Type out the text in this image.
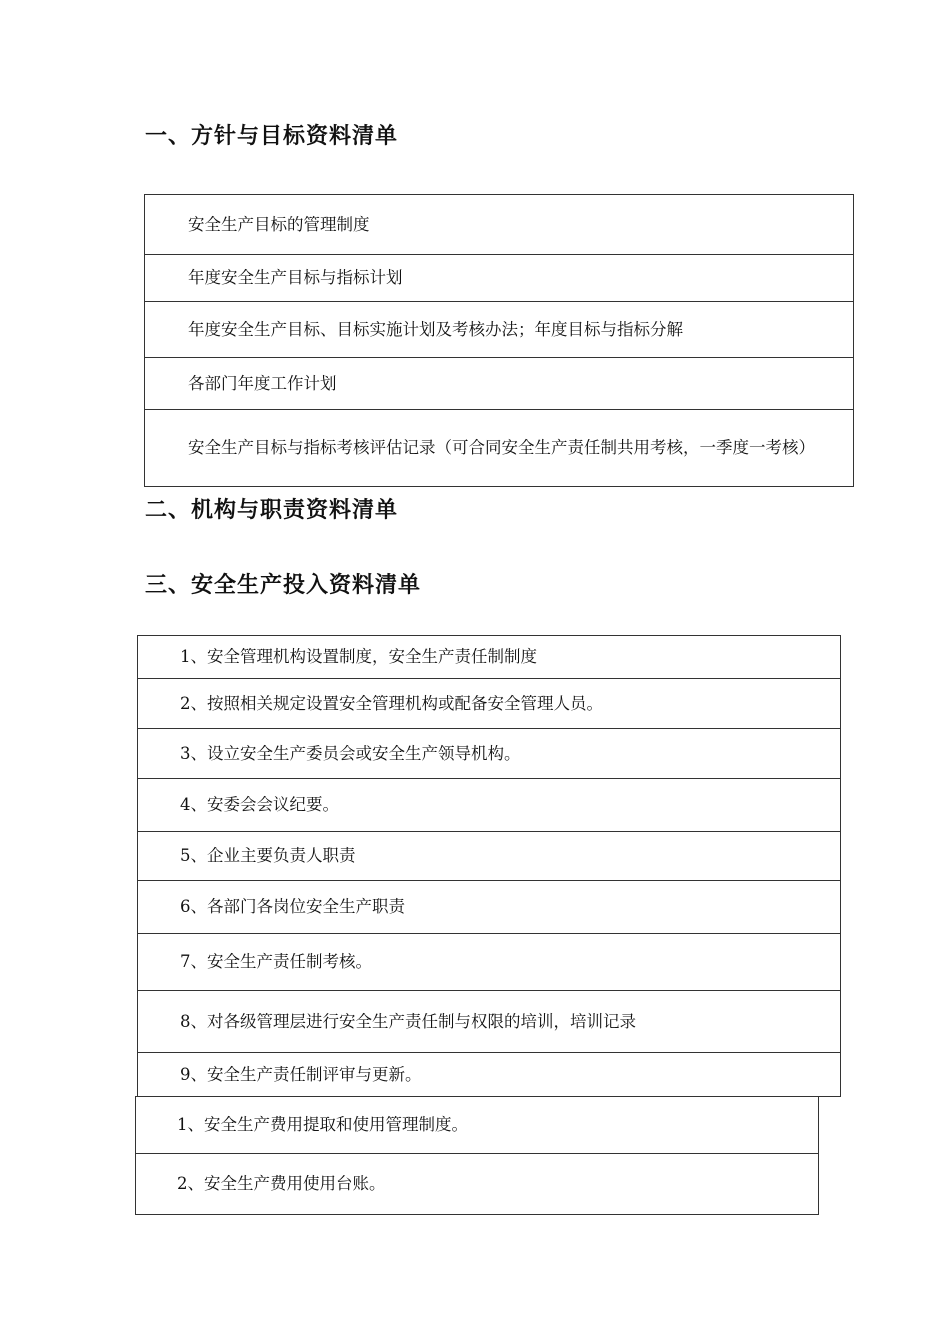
一、方针与目标资料清单
安全生产目标的管理制度
年度安全生产目标与指标计划
年度安全生产目标、目标实施计划及考核办法；年度目标与指标分解
各部门年度工作计划
安全生产目标与指标考核评估记录（可合同安全生产责任制共用考核，一季度一考核）
二、机构与职责资料清单
三、安全生产投入资料清单
1、安全管理机构设置制度，安全生产责任制制度
2、按照相关规定设置安全管理机构或配备安全管理人员。
3、设立安全生产委员会或安全生产领导机构。
4、安委会会议纪要。
5、企业主要负责人职责
6、各部门各岗位安全生产职责
7、安全生产责任制考核。
8、对各级管理层进行安全生产责任制与权限的培训，培训记录
9、安全生产责任制评审与更新。
1、安全生产费用提取和使用管理制度。
2、安全生产费用使用台账。
